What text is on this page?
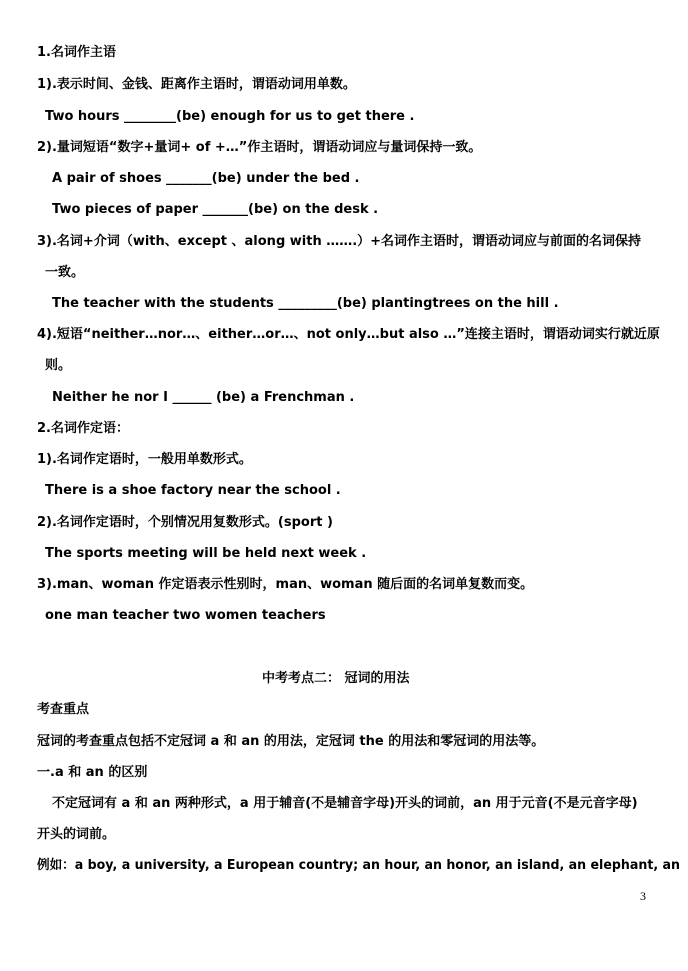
1.名词作主语
1).表示时间、金钱、距离作主语时，谓语动词用单数。
Two hours ________(be) enough for us to get there .
2).量词短语“数字+量词+ of +…”作主语时，谓语动词应与量词保持一致。
A pair of shoes _______(be) under the bed .
Two pieces of paper _______(be) on the desk .
3).名词+介词（with、except 、along with …….）+名词作主语时，谓语动词应与前面的名词保持
一致。
The teacher with the students _________(be) plantingtrees on the hill .
4).短语“neither…nor…、either…or…、not only…but also …”连接主语时，谓语动词实行就近原
则。
Neither he nor I ______ (be) a Frenchman .
2.名词作定语：
1).名词作定语时，一般用单数形式。
There is a shoe factory near the school .
2).名词作定语时，个别情况用复数形式。(sport )
The sports meeting will be held next week .
3).man、woman 作定语表示性别时，man、woman 随后面的名词单复数而变。
one man teacher two women teachers
中考考点二： 冠词的用法
考查重点
冠词的考查重点包括不定冠词 a 和 an 的用法，定冠词 the 的用法和零冠词的用法等。
一.a 和 an 的区别
不定冠词有 a 和 an 两种形式，a 用于辅音(不是辅音字母)开头的词前，an 用于元音(不是元音字母)
开头的词前。
例如：a boy, a university, a European country; an hour, an honor, an island, an elephant, an
3
